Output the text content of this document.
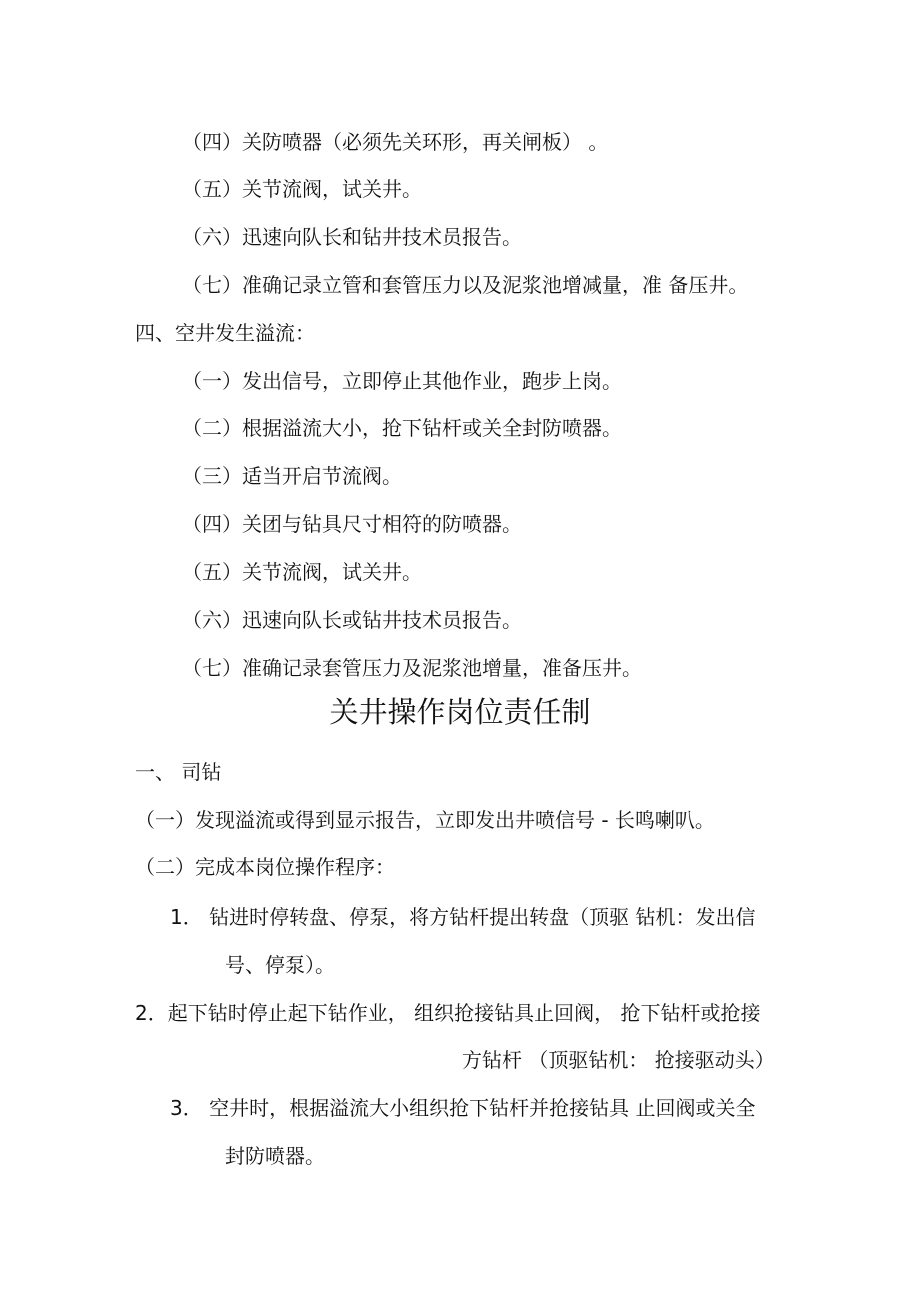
（四）关防喷器（必须先关环形，再关闸板） 。
（五）关节流阀，试关井。
（六）迅速向队长和钻井技术员报告。
（七）准确记录立管和套管压力以及泥浆池增减量，准 备压井。
四、空井发生溢流：
（一）发出信号，立即停止其他作业，跑步上岗。
（二）根据溢流大小，抢下钻杆或关全封防喷器。
（三）适当开启节流阀。
（四）关团与钻具尺寸相符的防喷器。
（五）关节流阀，试关井。
（六）迅速向队长或钻井技术员报告。
（七）准确记录套管压力及泥浆池增量，准备压井。
关井操作岗位责任制
一、 司钻
（一）发现溢流或得到显示报告，立即发出井喷信号 - 长鸣喇叭。
（二）完成本岗位操作程序：
1． 钻进时停转盘、停泵，将方钻杆提出转盘（顶驱 钻机：发出信
号、停泵）。
2．起下钻时停止起下钻作业， 组织抢接钻具止回阀， 抢下钻杆或抢接
方钻杆 （顶驱钻机： 抢接驱动头）
3． 空井时，根据溢流大小组织抢下钻杆并抢接钻具 止回阀或关全
封防喷器。
